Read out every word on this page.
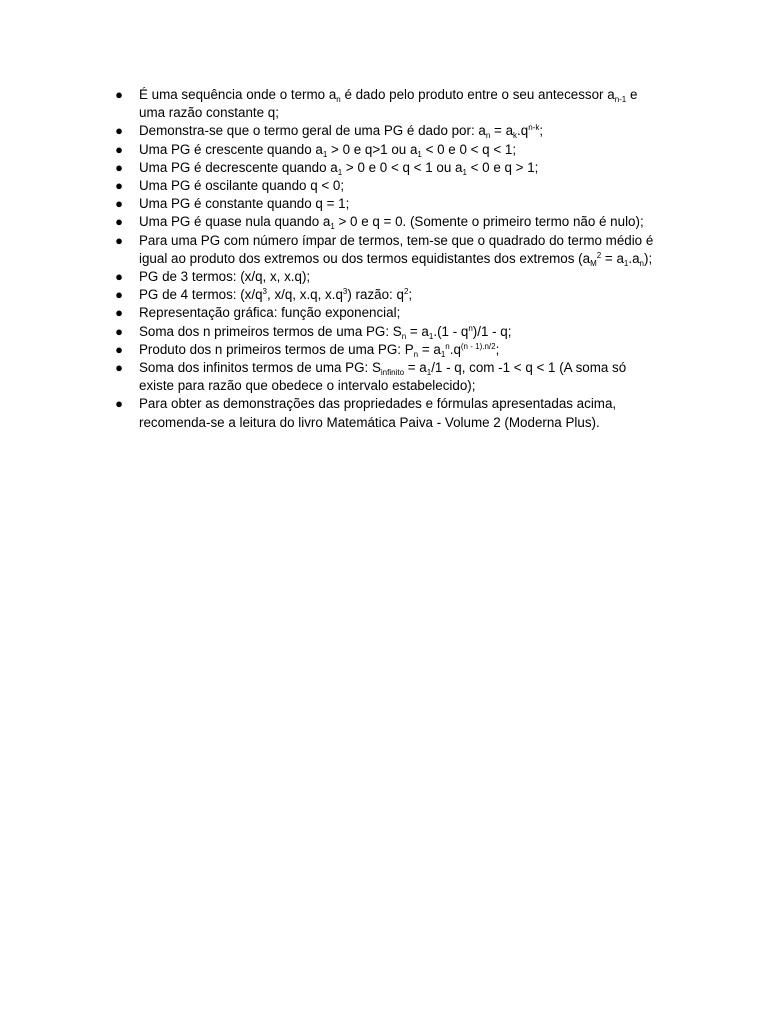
● É uma sequência onde o termo $a_n$ é dado pelo produto entre o seu antecessor $a_{n-1}$ e uma razão constante q;
● Demonstra-se que o termo geral de uma PG é dado por: $a_n = a_k.q^{n-k}$;
● Uma PG é crescente quando $a_1 > 0$ e q>1 ou $a_1 < 0$ e 0 < q < 1;
● Uma PG é decrescente quando $a_1 > 0$ e 0 < q < 1 ou $a_1 < 0$ e q > 1;
● Uma PG é oscilante quando q < 0;
● Uma PG é constante quando q = 1;
● Uma PG é quase nula quando $a_1 > 0$ e q = 0. (Somente o primeiro termo não é nulo);
● Para uma PG com número ímpar de termos, tem-se que o quadrado do termo médio é igual ao produto dos extremos ou dos termos equidistantes dos extremos $(a_M^2 = a_1.a_n)$;
● PG de 3 termos: (x/q, x, x.q);
● PG de 4 termos: ($x/q^3$, x/q, x.q, $x.q^3$) razão: $q^2$;
● Representação gráfica: função exponencial;
● Soma dos n primeiros termos de uma PG: $S_n = a_1.(1 - q^n)/1 - q$;
● Produto dos n primeiros termos de uma PG: $P_n = a_1^n.q^{(n - 1).n/2}$;
● Soma dos infinitos termos de uma PG: $S_{infinito} = a_1/1 - q$, com -1 < q < 1 (A soma só existe para razão que obedece o intervalo estabelecido);
● Para obter as demonstrações das propriedades e fórmulas apresentadas acima, recomenda-se a leitura do livro Matemática Paiva - Volume 2 (Moderna Plus).
